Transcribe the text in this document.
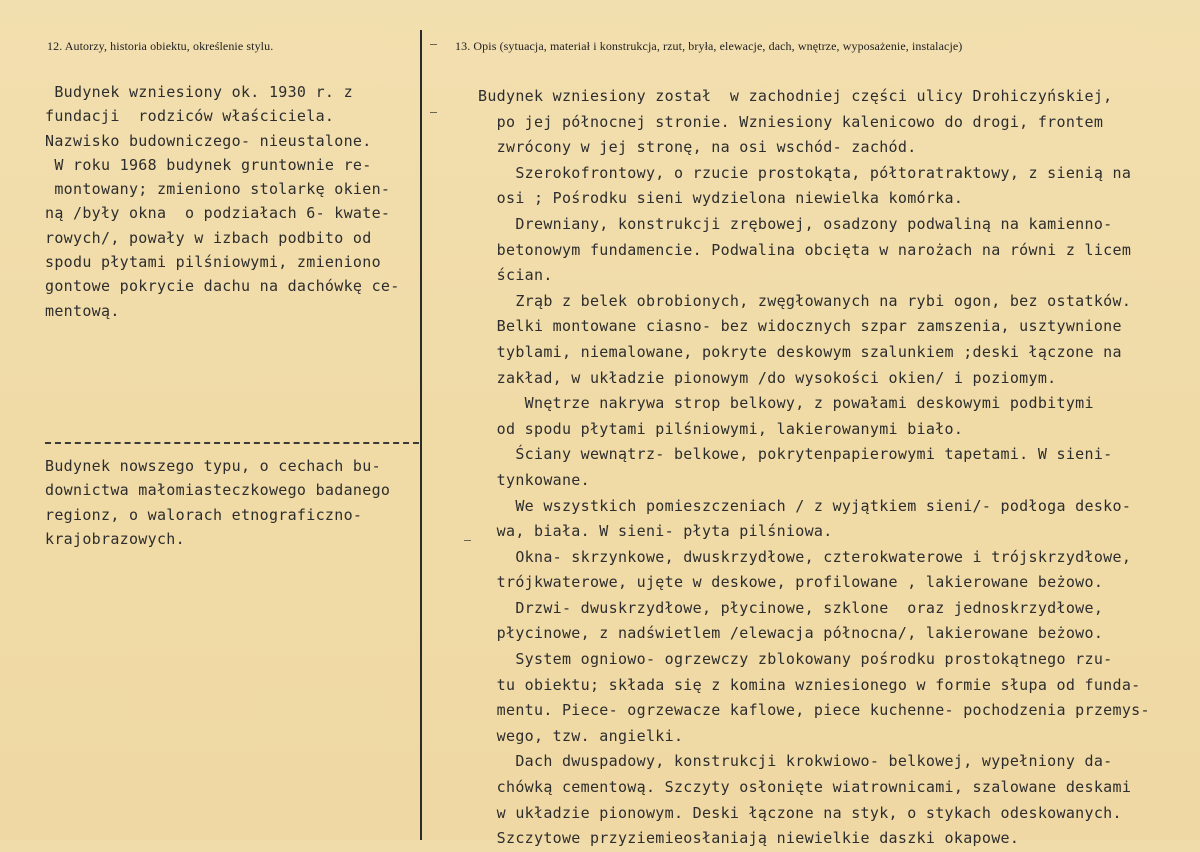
12. Autorzy, historia obiektu, określenie stylu.	13. Opis (sytuacja, materiał i konstrukcja, rzut, bryła, elewacje, dach, wnętrze, wyposażenie, instalacje)
Budynek wzniesiony ok. 1930 r. z
fundacji  rodziców właściciela.
Nazwisko budowniczego- nieustalone.
W roku 1968 budynek gruntownie re-
montowany; zmieniono stolarkę okien-
ną /były okna  o podziałach 6- kwate-
rowych/, powały w izbach podbito od
spodu płytami pilśniowymi, zmieniono
gontowe pokrycie dachu na dachówkę ce-
mentową.
Budynek nowszego typu, o cechach bu-
downictwa małomiasteczkowego badanego
regionz, o walorach etnograficzno-
krajobrazowych.
Budynek wzniesiony został  w zachodniej części ulicy Drohiczyńskiej,
po jej północnej stronie. Wzniesiony kalenicowo do drogi, frontem
zwrócony w jej stronę, na osi wschód- zachód.
Szerokofrontowy, o rzucie prostokąta, półtoratraktowy, z sienią na
osi ; Pośrodku sieni wydzielona niewielka komórka.
Drewniany, konstrukcji zrębowej, osadzony podwaliną na kamienno-
betonowym fundamencie. Podwalina obcięta w narożach na równi z licem
ścian.
Zrąb z belek obrobionych, zwęgłowanych na rybi ogon, bez ostatków.
Belki montowane ciasno- bez widocznych szpar zamszenia, usztywnione
tyblami, niemalowane, pokryte deskowym szalunkiem ;deski łączone na
zakład, w układzie pionowym /do wysokości okien/ i poziomym.
Wnętrze nakrywa strop belkowy, z powałami deskowymi podbitymi
od spodu płytami pilśniowymi, lakierowanymi biało.
Ściany wewnątrz- belkowe, pokrytenpapierowymi tapetami. W sieni-
tynkowane.
We wszystkich pomieszczeniach / z wyjątkiem sieni/- podłoga desko-
wa, biała. W sieni- płyta pilśniowa.
Okna- skrzynkowe, dwuskrzydłowe, czterokwaterowe i trójskrzydłowe,
trójkwaterowe, ujęte w deskowe, profilowane , lakierowane beżowo.
Drzwi- dwuskrzydłowe, płycinowe, szklone  oraz jednoskrzydłowe,
płycinowe, z nadświetlem /elewacja północna/, lakierowane beżowo.
System ogniowo- ogrzewczy zblokowany pośrodku prostokątnego rzu-
tu obiektu; składa się z komina wzniesionego w formie słupa od funda-
mentu. Piece- ogrzewacze kaflowe, piece kuchenne- pochodzenia przemys-
wego, tzw. angielki.
Dach dwuspadowy, konstrukcji krokwiowo- belkowej, wypełniony da-
chówką cementową. Szczyty osłonięte wiatrownicami, szalowane deskami
w układzie pionowym. Deski łączone na styk, o stykach odeskowanych.
Szczytowe przyziemieosłaniają niewielkie daszki okapowe.
